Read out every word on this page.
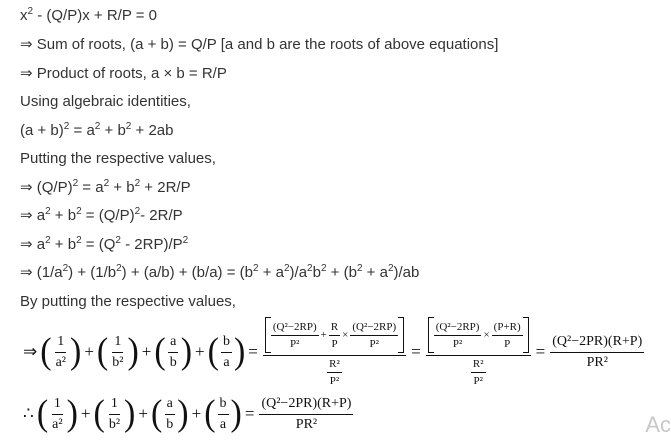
$x^2 - (Q/P)x + R/P = 0$
⇒ Sum of roots, (a + b) = Q/P [a and b are the roots of above equations]
⇒ Product of roots, a × b = R/P
Using algebraic identities,
$(a + b)^2 = a^2 + b^2 + 2ab$
Putting the respective values,
⇒ $(Q/P)^2 = a^2 + b^2 + 2R/P$
⇒ $a^2 + b^2 = (Q/P)^2-$ 2R/P
⇒ $a^2 + b^2 = (Q^2 - 2RP)/P^2$
⇒ $(1/a^2) + (1/b^2) + (a/b) + (b/a) = (b^2 + a^2)/a^2b^2 + (b^2 + a^2)/ab$
By putting the respective values,
⇒ ( $\frac{1}{\text{a²}}$ ) + ( $\frac{1}{\text{b²}}$ ) + ( $\frac{a}{b}$ ) + ( $\frac{b}{a}$ ) = $\frac{\frac{\text{(Q²−2RP)}}{\text{P²}} + \frac{R}{P} \times \frac{\text{(Q²−2RP)}}{\text{P²}}}{\frac{\text{R²}}{\text{P²}}} = \frac{\frac{\text{(Q²−2RP)}}{\text{P²}} \times \frac{(P+R)}{P}}{\frac{\text{R²}}{\text{P²}}} = \frac{\text{(Q²−2PR)(R+P)}}{\text{PR²}}$
∴ ( $\frac{1}{\text{a²}}$ ) + ( $\frac{1}{\text{b²}}$ ) + ( $\frac{a}{b}$ ) + ( $\frac{b}{a}$ ) = $\frac{\text{(Q²−2PR)(R+P)}}{\text{PR²}}$	Ac
